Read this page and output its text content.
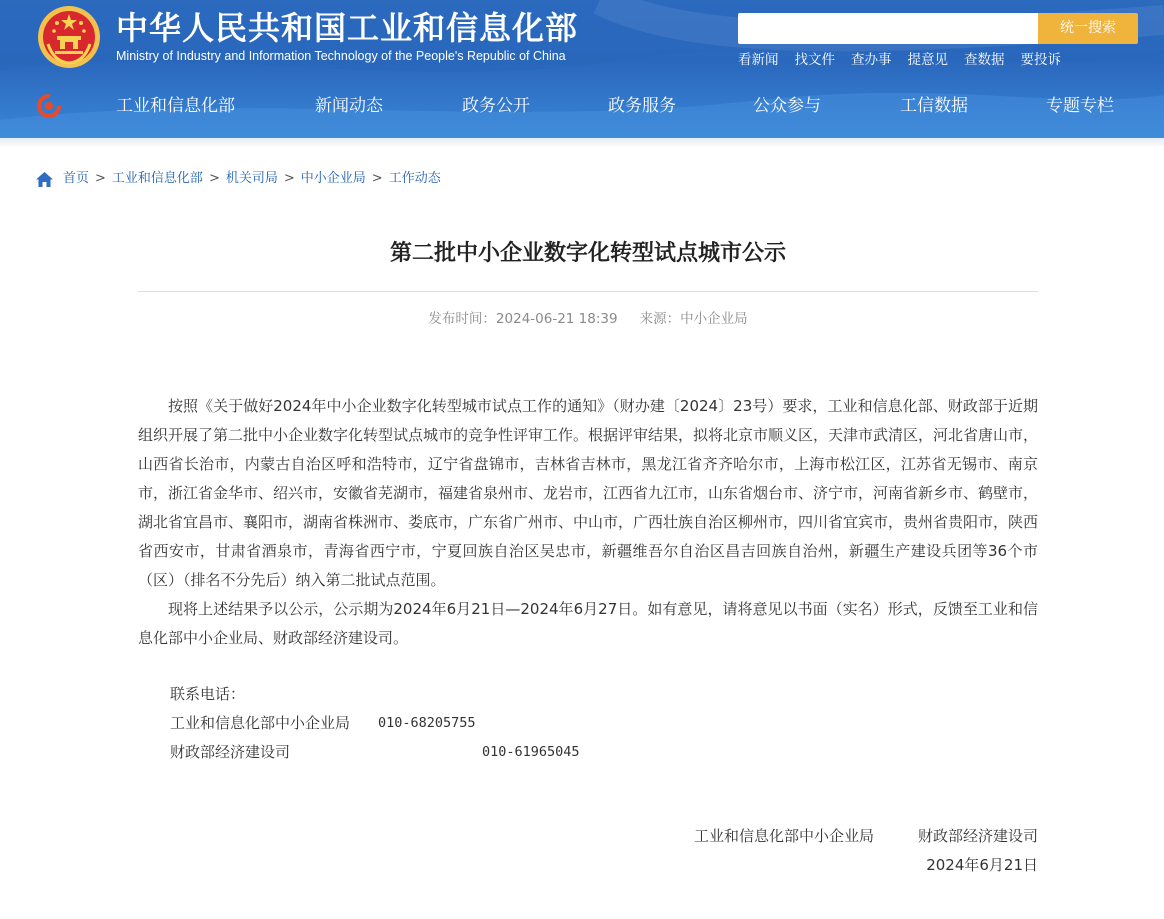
中华人民共和国工业和信息化部
Ministry of Industry and Information Technology of the People's Republic of China
统一搜索
看新闻 找文件 查办事 提意见 查数据 要投诉
工业和信息化部	新闻动态	政务公开	政务服务	公众参与	工信数据	专题专栏
首页 > 工业和信息化部 > 机关司局 > 中小企业局 > 工作动态
第二批中小企业数字化转型试点城市公示
发布时间：2024-06-21 18:39 来源：中小企业局

按照《关于做好2024年中小企业数字化转型城市试点工作的通知》（财办建〔2024〕23号）要求，工业和信息化部、财政部于近期组织开展了第二批中小企业数字化转型试点城市的竞争性评审工作。根据评审结果，拟将北京市顺义区，天津市武清区，河北省唐山市，山西省长治市，内蒙古自治区呼和浩特市，辽宁省盘锦市，吉林省吉林市，黑龙江省齐齐哈尔市，上海市松江区，江苏省无锡市、南京市，浙江省金华市、绍兴市，安徽省芜湖市，福建省泉州市、龙岩市，江西省九江市，山东省烟台市、济宁市，河南省新乡市、鹤壁市，湖北省宜昌市、襄阳市，湖南省株洲市、娄底市，广东省广州市、中山市，广西壮族自治区柳州市，四川省宜宾市，贵州省贵阳市，陕西省西安市，甘肃省酒泉市，青海省西宁市，宁夏回族自治区吴忠市，新疆维吾尔自治区昌吉回族自治州，新疆生产建设兵团等36个市（区）（排名不分先后）纳入第二批试点范围。

现将上述结果予以公示，公示期为2024年6月21日—2024年6月27日。如有意见，请将意见以书面（实名）形式，反馈至工业和信息化部中小企业局、财政部经济建设司。

联系电话：
工业和信息化部中小企业局 010-68205755
财政部经济建设司	010-61965045
工业和信息化部中小企业局	财政部经济建设司
2024年6月21日
